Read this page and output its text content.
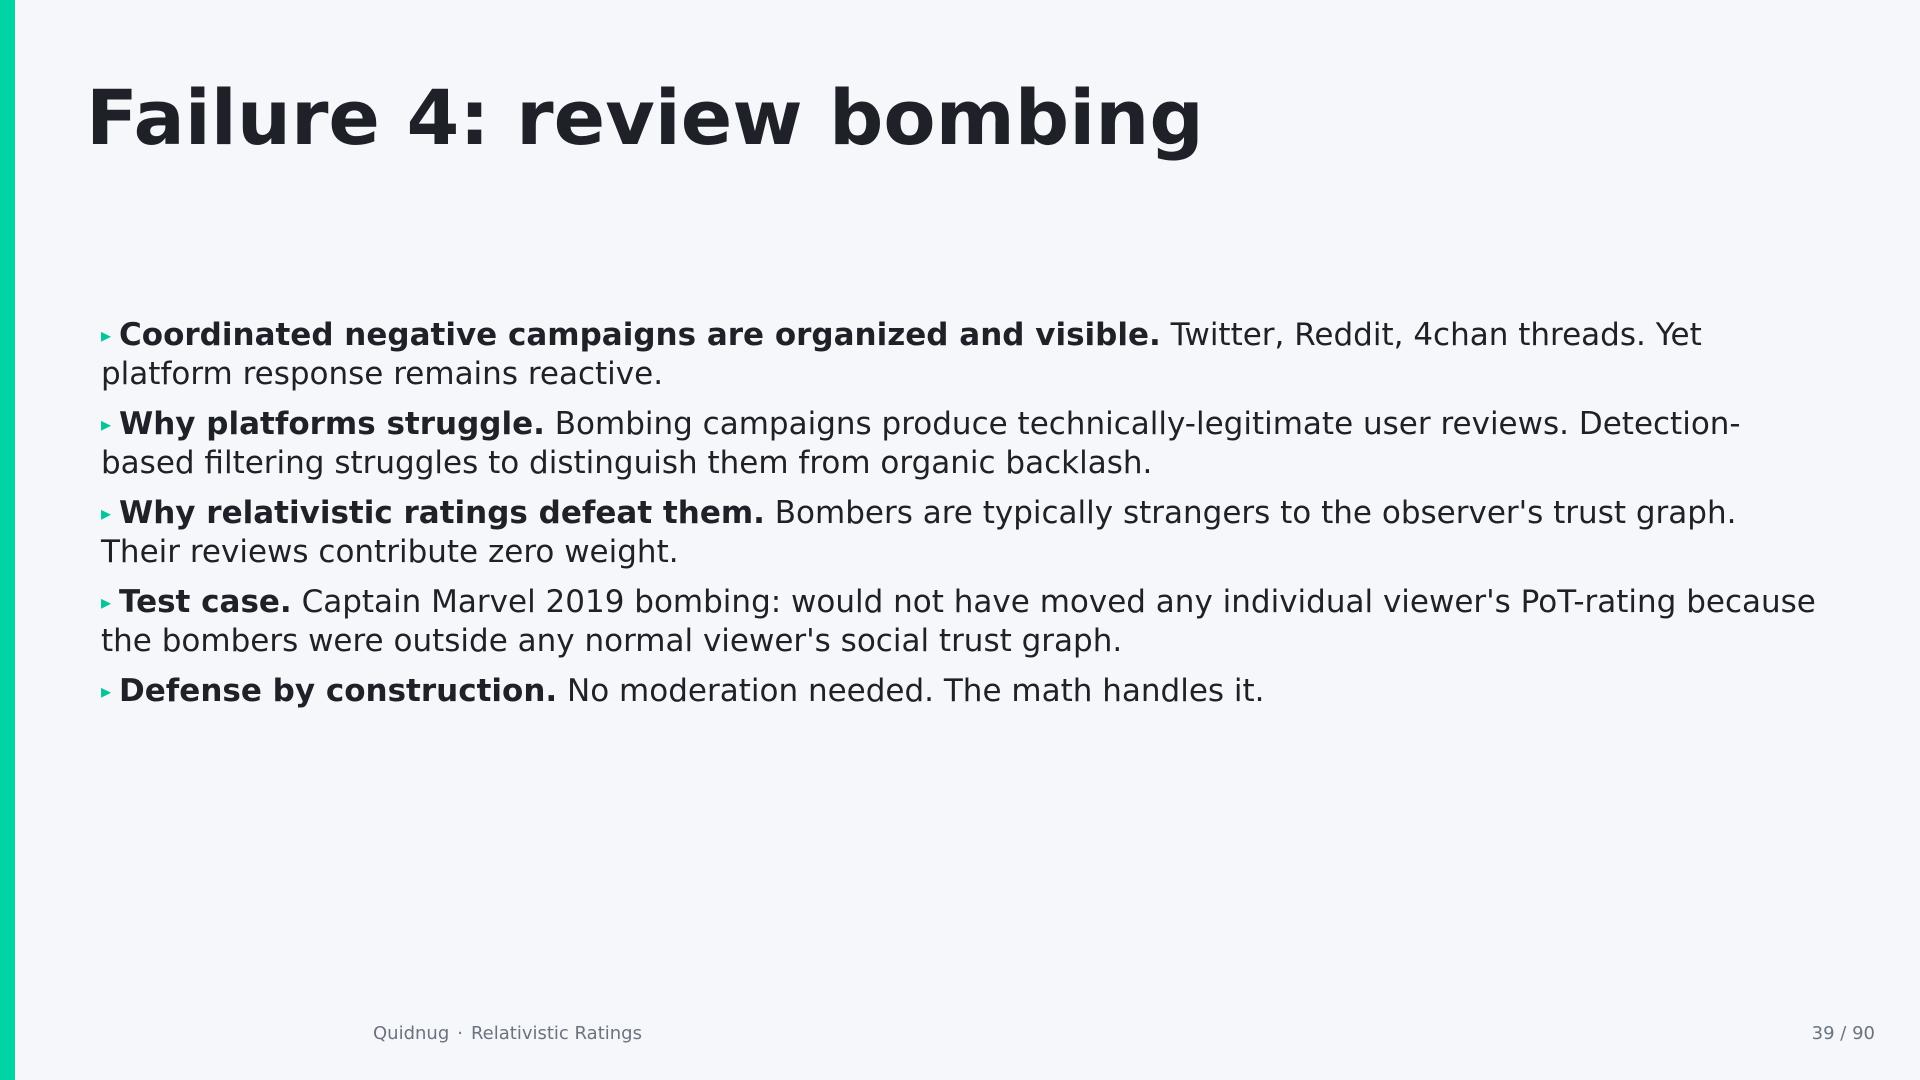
Failure 4: review bombing
▸ Coordinated negative campaigns are organized and visible. Twitter, Reddit, 4chan threads. Yet platform response remains reactive.
▸ Why platforms struggle. Bombing campaigns produce technically-legitimate user reviews. Detection-based filtering struggles to distinguish them from organic backlash.
▸ Why relativistic ratings defeat them. Bombers are typically strangers to the observer's trust graph. Their reviews contribute zero weight.
▸ Test case. Captain Marvel 2019 bombing: would not have moved any individual viewer's PoT-rating because the bombers were outside any normal viewer's social trust graph.
▸ Defense by construction. No moderation needed. The math handles it.
Quidnug · Relativistic Ratings	39 / 90
